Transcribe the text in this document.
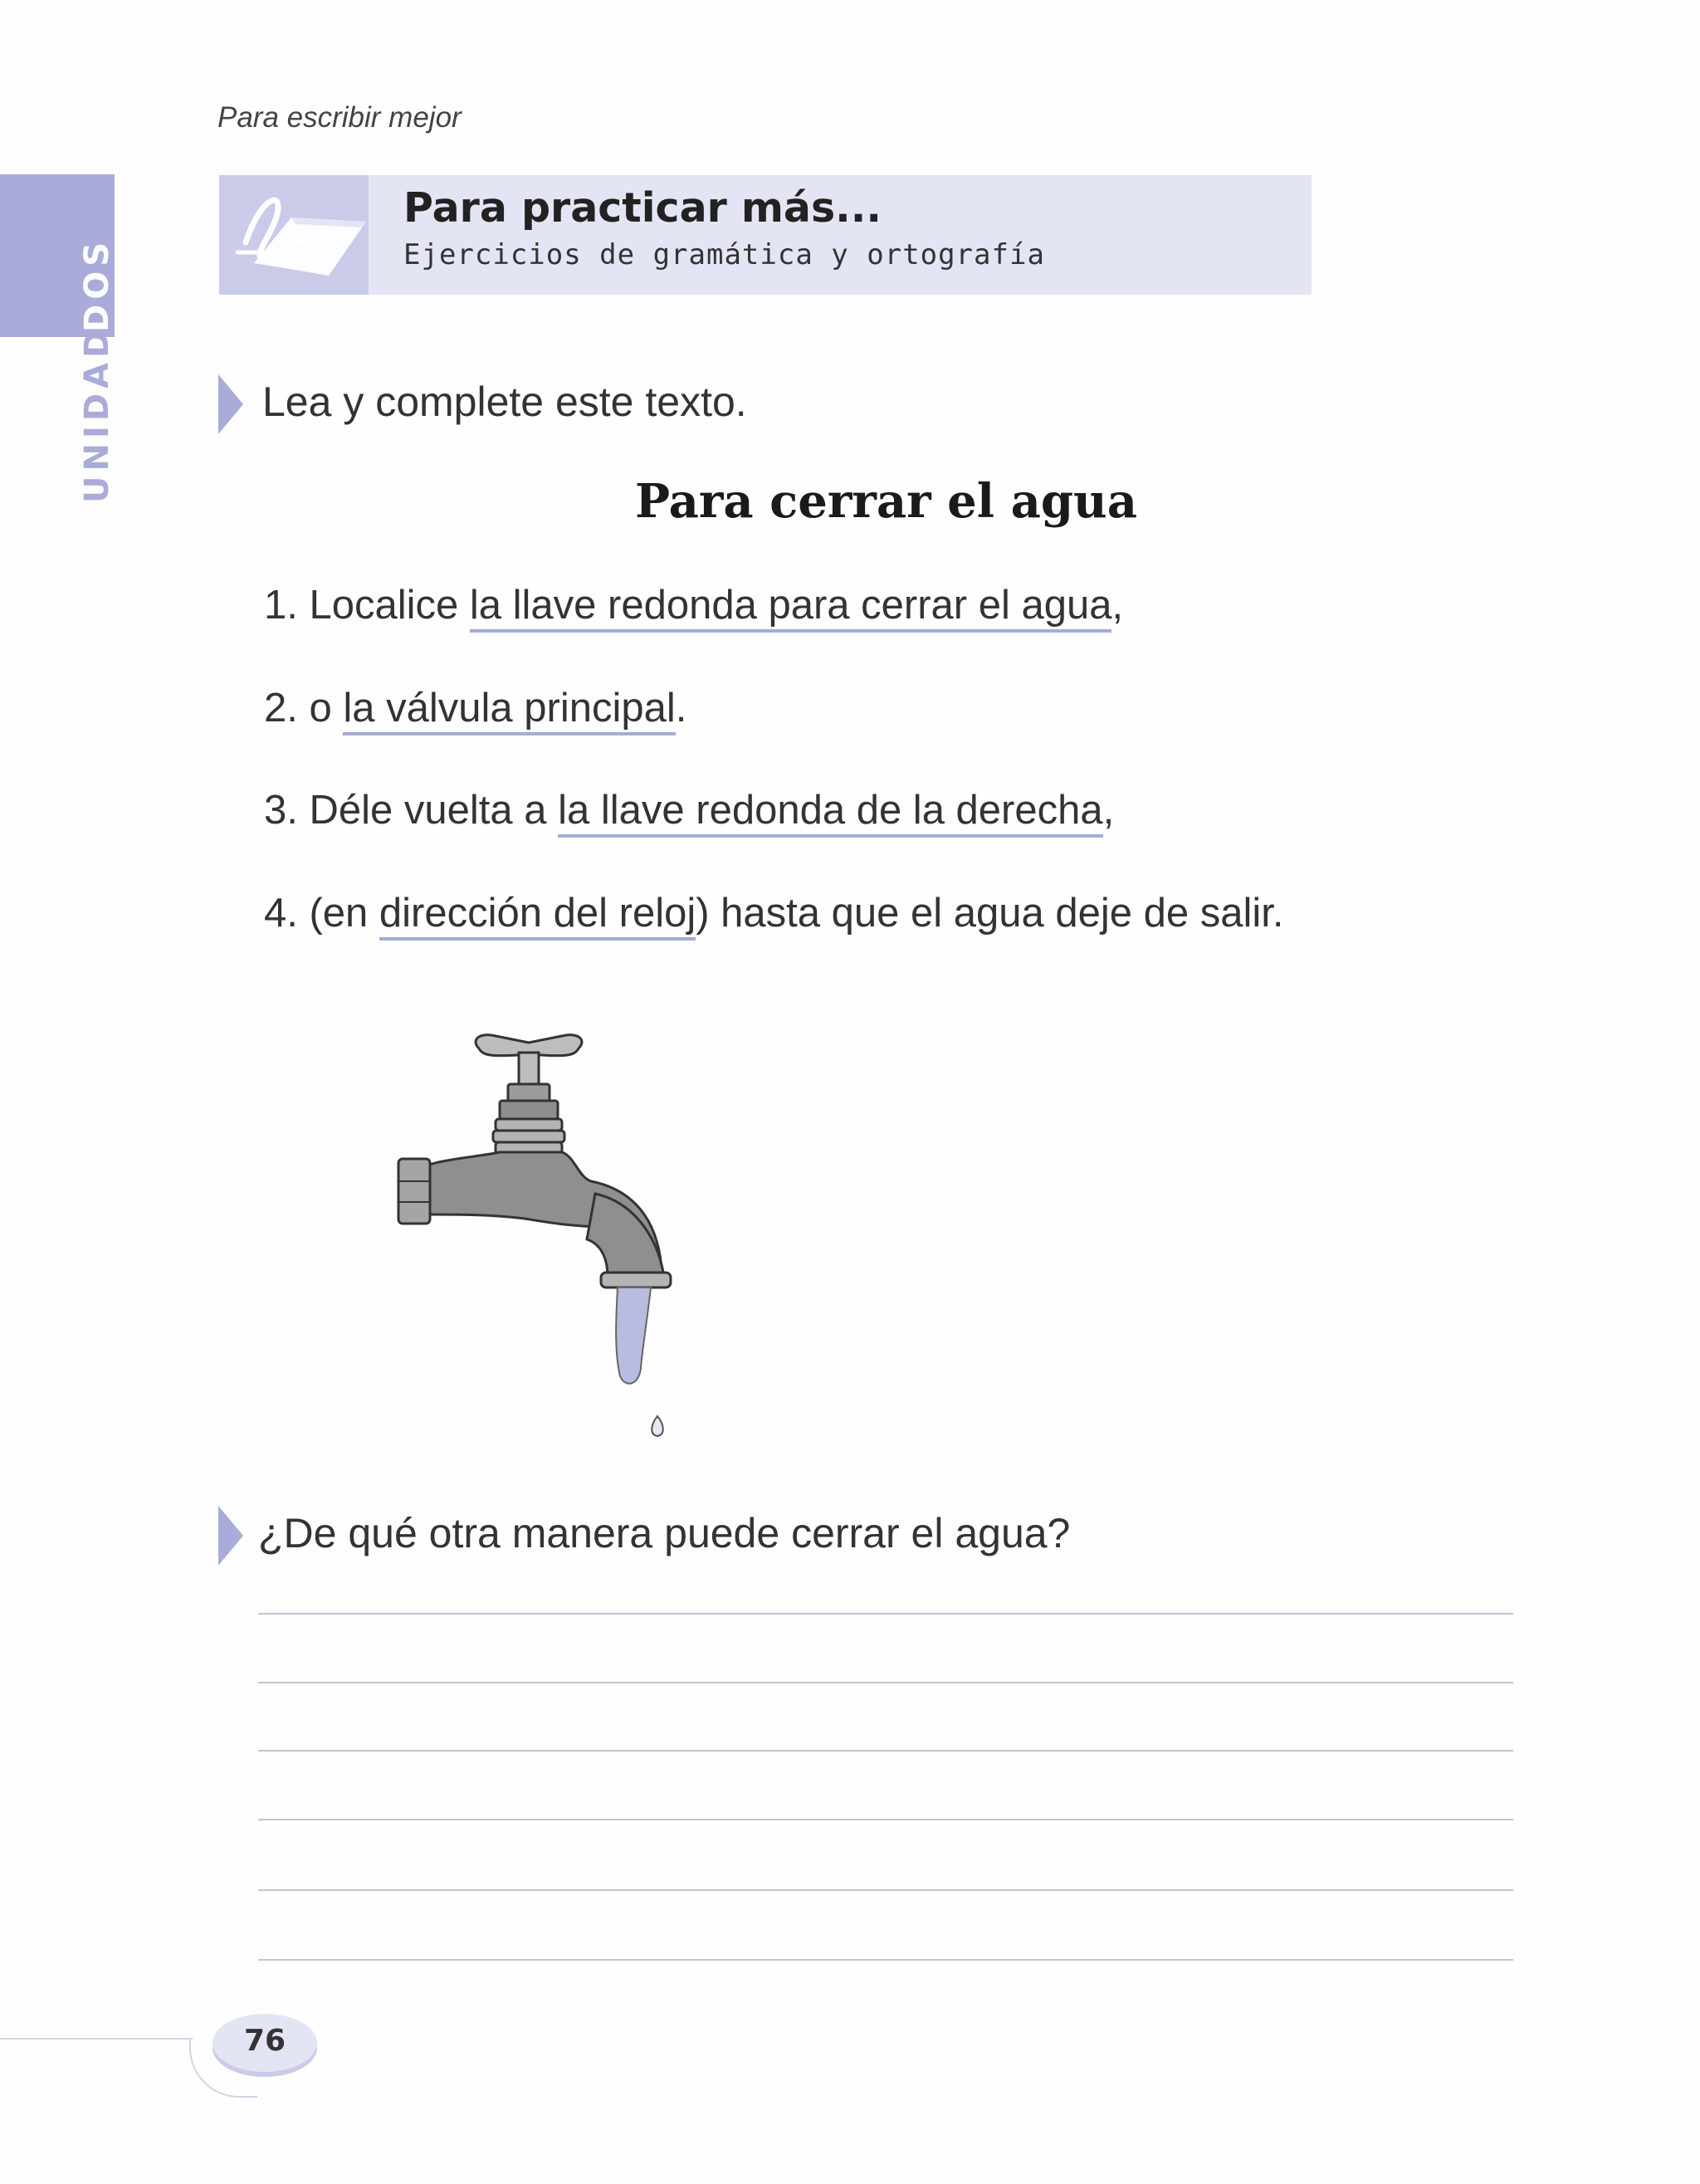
Para escribir mejor
DOS
UNIDAD
Para practicar más...
Ejercicios de gramática y ortografía
Lea y complete este texto.
Para cerrar el agua
1. Localice la llave redonda para cerrar el agua,
2. o la válvula principal.
3. Déle vuelta a la llave redonda de la derecha,
4. (en dirección del reloj) hasta que el agua deje de salir.
¿De qué otra manera puede cerrar el agua?
76
